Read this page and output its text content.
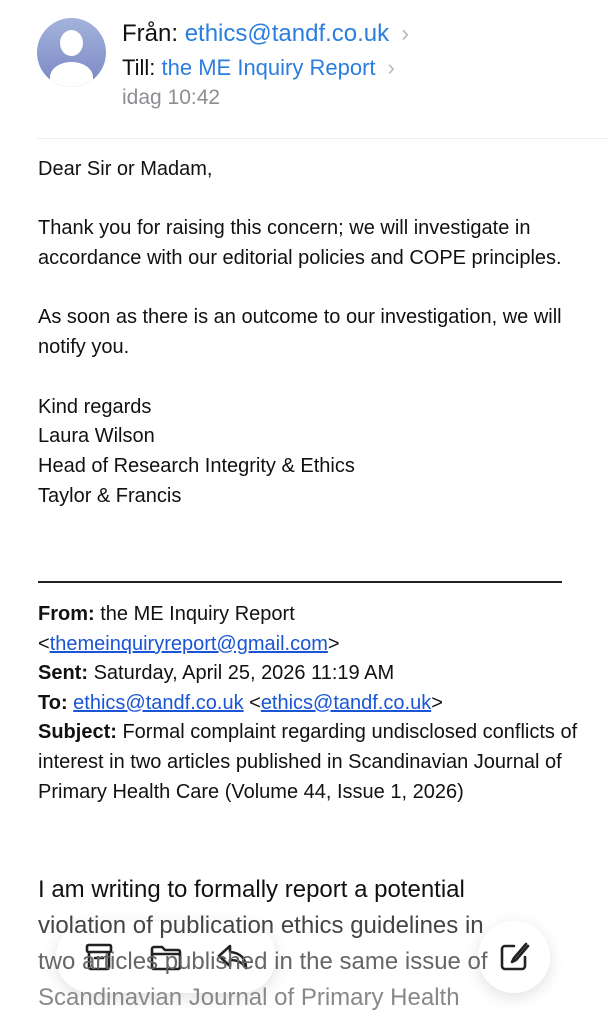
Från: ethics@tandf.co.uk ›
Till: the ME Inquiry Report ›
idag 10:42

Dear Sir or Madam,

Thank you for raising this concern; we will investigate in accordance with our editorial policies and COPE principles.

As soon as there is an outcome to our investigation, we will notify you.

Kind regards
Laura Wilson
Head of Research Integrity & Ethics
Taylor & Francis
From: the ME Inquiry Report
<themeinquiryreport@gmail.com>
Sent: Saturday, April 25, 2026 11:19 AM
To: ethics@tandf.co.uk <ethics@tandf.co.uk>
Subject: Formal complaint regarding undisclosed conflicts of interest in two articles published in Scandinavian Journal of Primary Health Care (Volume 44, Issue 1, 2026)
I am writing to formally report a potential
violation of publication ethics guidelines in
two articles published in the same issue of
Scandinavian Journal of Primary Health
